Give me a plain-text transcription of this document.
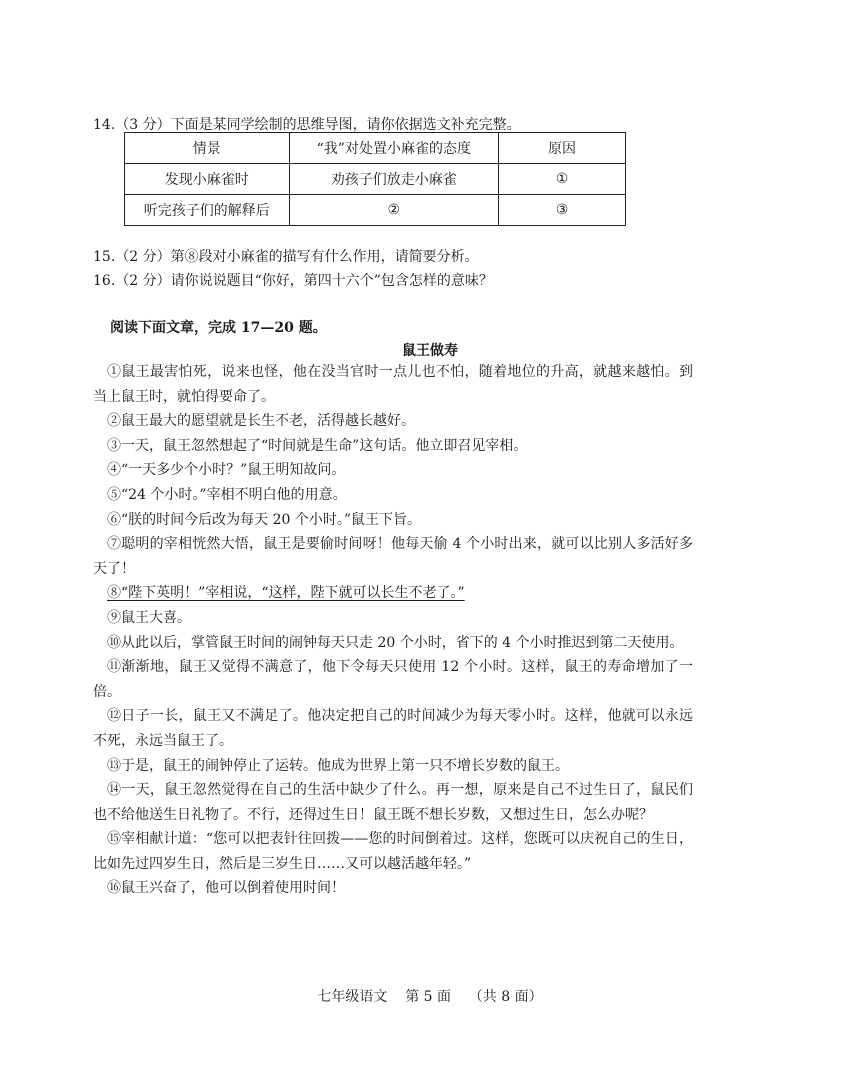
14.（3 分）下面是某同学绘制的思维导图，请你依据选文补充完整。
情景	“我”对处置小麻雀的态度	原因
发现小麻雀时	劝孩子们放走小麻雀	①
听完孩子们的解释后	②	③
15.（2 分）第⑧段对小麻雀的描写有什么作用，请简要分析。
16.（2 分）请你说说题目“你好，第四十六个”包含怎样的意味？
阅读下面文章，完成 17—20 题。
鼠王做寿

①鼠王最害怕死，说来也怪，他在没当官时一点儿也不怕，随着地位的升高，就越来越怕。到当上鼠王时，就怕得要命了。

②鼠王最大的愿望就是长生不老，活得越长越好。

③一天，鼠王忽然想起了“时间就是生命”这句话。他立即召见宰相。

④“一天多少个小时？”鼠王明知故问。

⑤“24 个小时。”宰相不明白他的用意。

⑥“朕的时间今后改为每天 20 个小时。”鼠王下旨。

⑦聪明的宰相恍然大悟，鼠王是要偷时间呀！他每天偷 4 个小时出来，就可以比别人多活好多天了！

⑧“陛下英明！”宰相说，“这样，陛下就可以长生不老了。”

⑨鼠王大喜。

⑩从此以后，掌管鼠王时间的闹钟每天只走 20 个小时，省下的 4 个小时推迟到第二天使用。

⑪渐渐地，鼠王又觉得不满意了，他下令每天只使用 12 个小时。这样，鼠王的寿命增加了一倍。

⑫日子一长，鼠王又不满足了。他决定把自己的时间减少为每天零小时。这样，他就可以永远不死，永远当鼠王了。

⑬于是，鼠王的闹钟停止了运转。他成为世界上第一只不增长岁数的鼠王。

⑭一天，鼠王忽然觉得在自己的生活中缺少了什么。再一想，原来是自己不过生日了，鼠民们也不给他送生日礼物了。不行，还得过生日！鼠王既不想长岁数，又想过生日，怎么办呢？

⑮宰相献计道：“您可以把表针往回拨——您的时间倒着过。这样，您既可以庆祝自己的生日，比如先过四岁生日，然后是三岁生日……又可以越活越年轻。”

⑯鼠王兴奋了，他可以倒着使用时间！

七年级语文    第 5 面    （共 8 面）
